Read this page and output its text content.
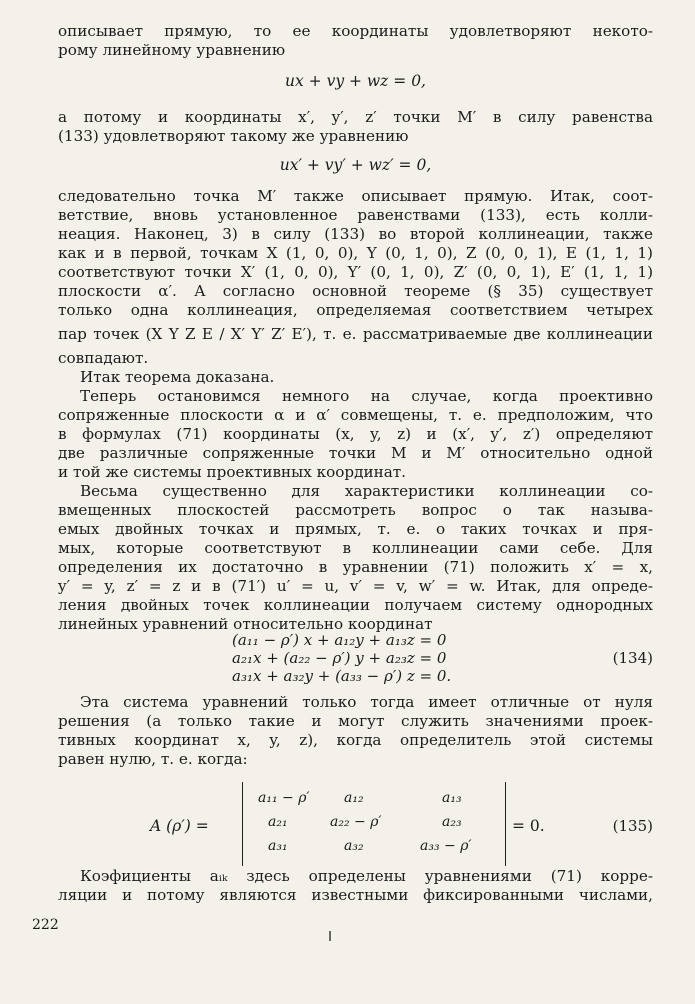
описывает прямую, то ее координаты удовлетворяют некото-
рому линейному уравнению
ux + vy + wz = 0,
а потому и координаты x′, y′, z′ точки M′ в силу равенства
(133) удовлетворяют такому же уравнению
ux′ + vy′ + wz′ = 0,
следовательно точка M′ также описывает прямую. Итак, соот-
ветствие, вновь установленное равенствами (133), есть колли-
неация. Наконец, 3) в силу (133) во второй коллинеации, также
как и в первой, точкам X (1, 0, 0), Y (0, 1, 0), Z (0, 0, 1), E (1, 1, 1)
соответствуют точки X′ (1, 0, 0), Y′ (0, 1, 0), Z′ (0, 0, 1), E′ (1, 1, 1)
плоскости α′. А согласно основной теореме (§ 35) существует
только одна коллинеация, определяемая соответствием четырех
пар точек (X Y Z E / X′ Y′ Z′ E′), т. е. рассматриваемые две коллинеации
совпадают.
Итак теорема доказана.
Теперь остановимся немного на случае, когда проективно
сопряженные плоскости α и α′ совмещены, т. е. предположим, что
в формулах (71) координаты (x, y, z) и (x′, y′, z′) определяют
две различные сопряженные точки M и M′ относительно одной
и той же системы проективных координат.
Весьма существенно для характеристики коллинеации со-
вмещенных плоскостей рассмотреть вопрос о так называ-
емых двойных точках и прямых, т. е. о таких точках и пря-
мых, которые соответствуют в коллинеации сами себе. Для
определения их достаточно в уравнении (71) положить x′ = x,
y′ = y, z′ = z и в (71′) u′ = u, v′ = v, w′ = w. Итак, для опреде-
ления двойных точек коллинеации получаем систему однородных
линейных уравнений относительно координат
(a₁₁ − ρ′) x + a₁₂y + a₁₃z = 0
a₂₁x + (a₂₂ − ρ′) y + a₂₃z = 0
a₃₁x + a₃₂y + (a₃₃ − ρ′) z = 0.
(134)
Эта система уравнений только тогда имеет отличные от нуля
решения (а только такие и могут служить значениями проек-
тивных координат x, y, z), когда определитель этой системы
равен нулю, т. е. когда:
A (ρ′) =
a₁₁ − ρ′ a₁₂	a₁₃
a₂₁	a₂₂ − ρ′	a₂₃
a₃₁	a₃₂	a₃₃ − ρ′
= 0.	(135)
Коэфициенты aᵢₖ здесь определены уравнениями (71) корре-
ляции и потому являются известными фиксированными числами,
222
